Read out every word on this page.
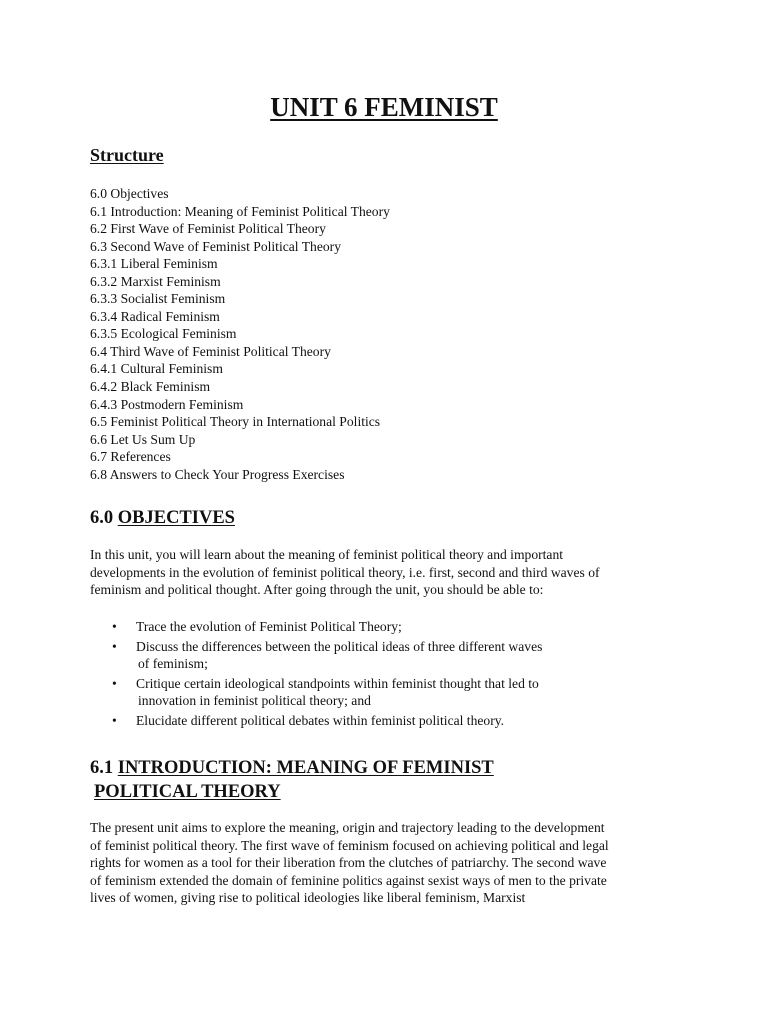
UNIT 6 FEMINIST
Structure
6.0 Objectives
6.1 Introduction: Meaning of Feminist Political Theory
6.2 First Wave of Feminist Political Theory
6.3 Second Wave of Feminist Political Theory
6.3.1 Liberal Feminism
6.3.2 Marxist Feminism
6.3.3 Socialist Feminism
6.3.4 Radical Feminism
6.3.5 Ecological Feminism
6.4 Third Wave of Feminist Political Theory
6.4.1 Cultural Feminism
6.4.2 Black Feminism
6.4.3 Postmodern Feminism
6.5 Feminist Political Theory in International Politics
6.6 Let Us Sum Up
6.7 References
6.8 Answers to Check Your Progress Exercises
6.0 OBJECTIVES

In this unit, you will learn about the meaning of feminist political theory and important developments in the evolution of feminist political theory, i.e. first, second and third waves of feminism and political thought. After going through the unit, you should be able to:

• Trace the evolution of Feminist Political Theory;
• Discuss the differences between the political ideas of three different waves
of feminism;
• Critique certain ideological standpoints within feminist thought that led to
innovation in feminist political theory; and
• Elucidate different political debates within feminist political theory.
6.1 INTRODUCTION: MEANING OF FEMINIST
POLITICAL THEORY

The present unit aims to explore the meaning, origin and trajectory leading to the development of feminist political theory. The first wave of feminism focused on achieving political and legal rights for women as a tool for their liberation from the clutches of patriarchy. The second wave of feminism extended the domain of feminine politics against sexist ways of men to the private lives of women, giving rise to political ideologies like liberal feminism, Marxist
